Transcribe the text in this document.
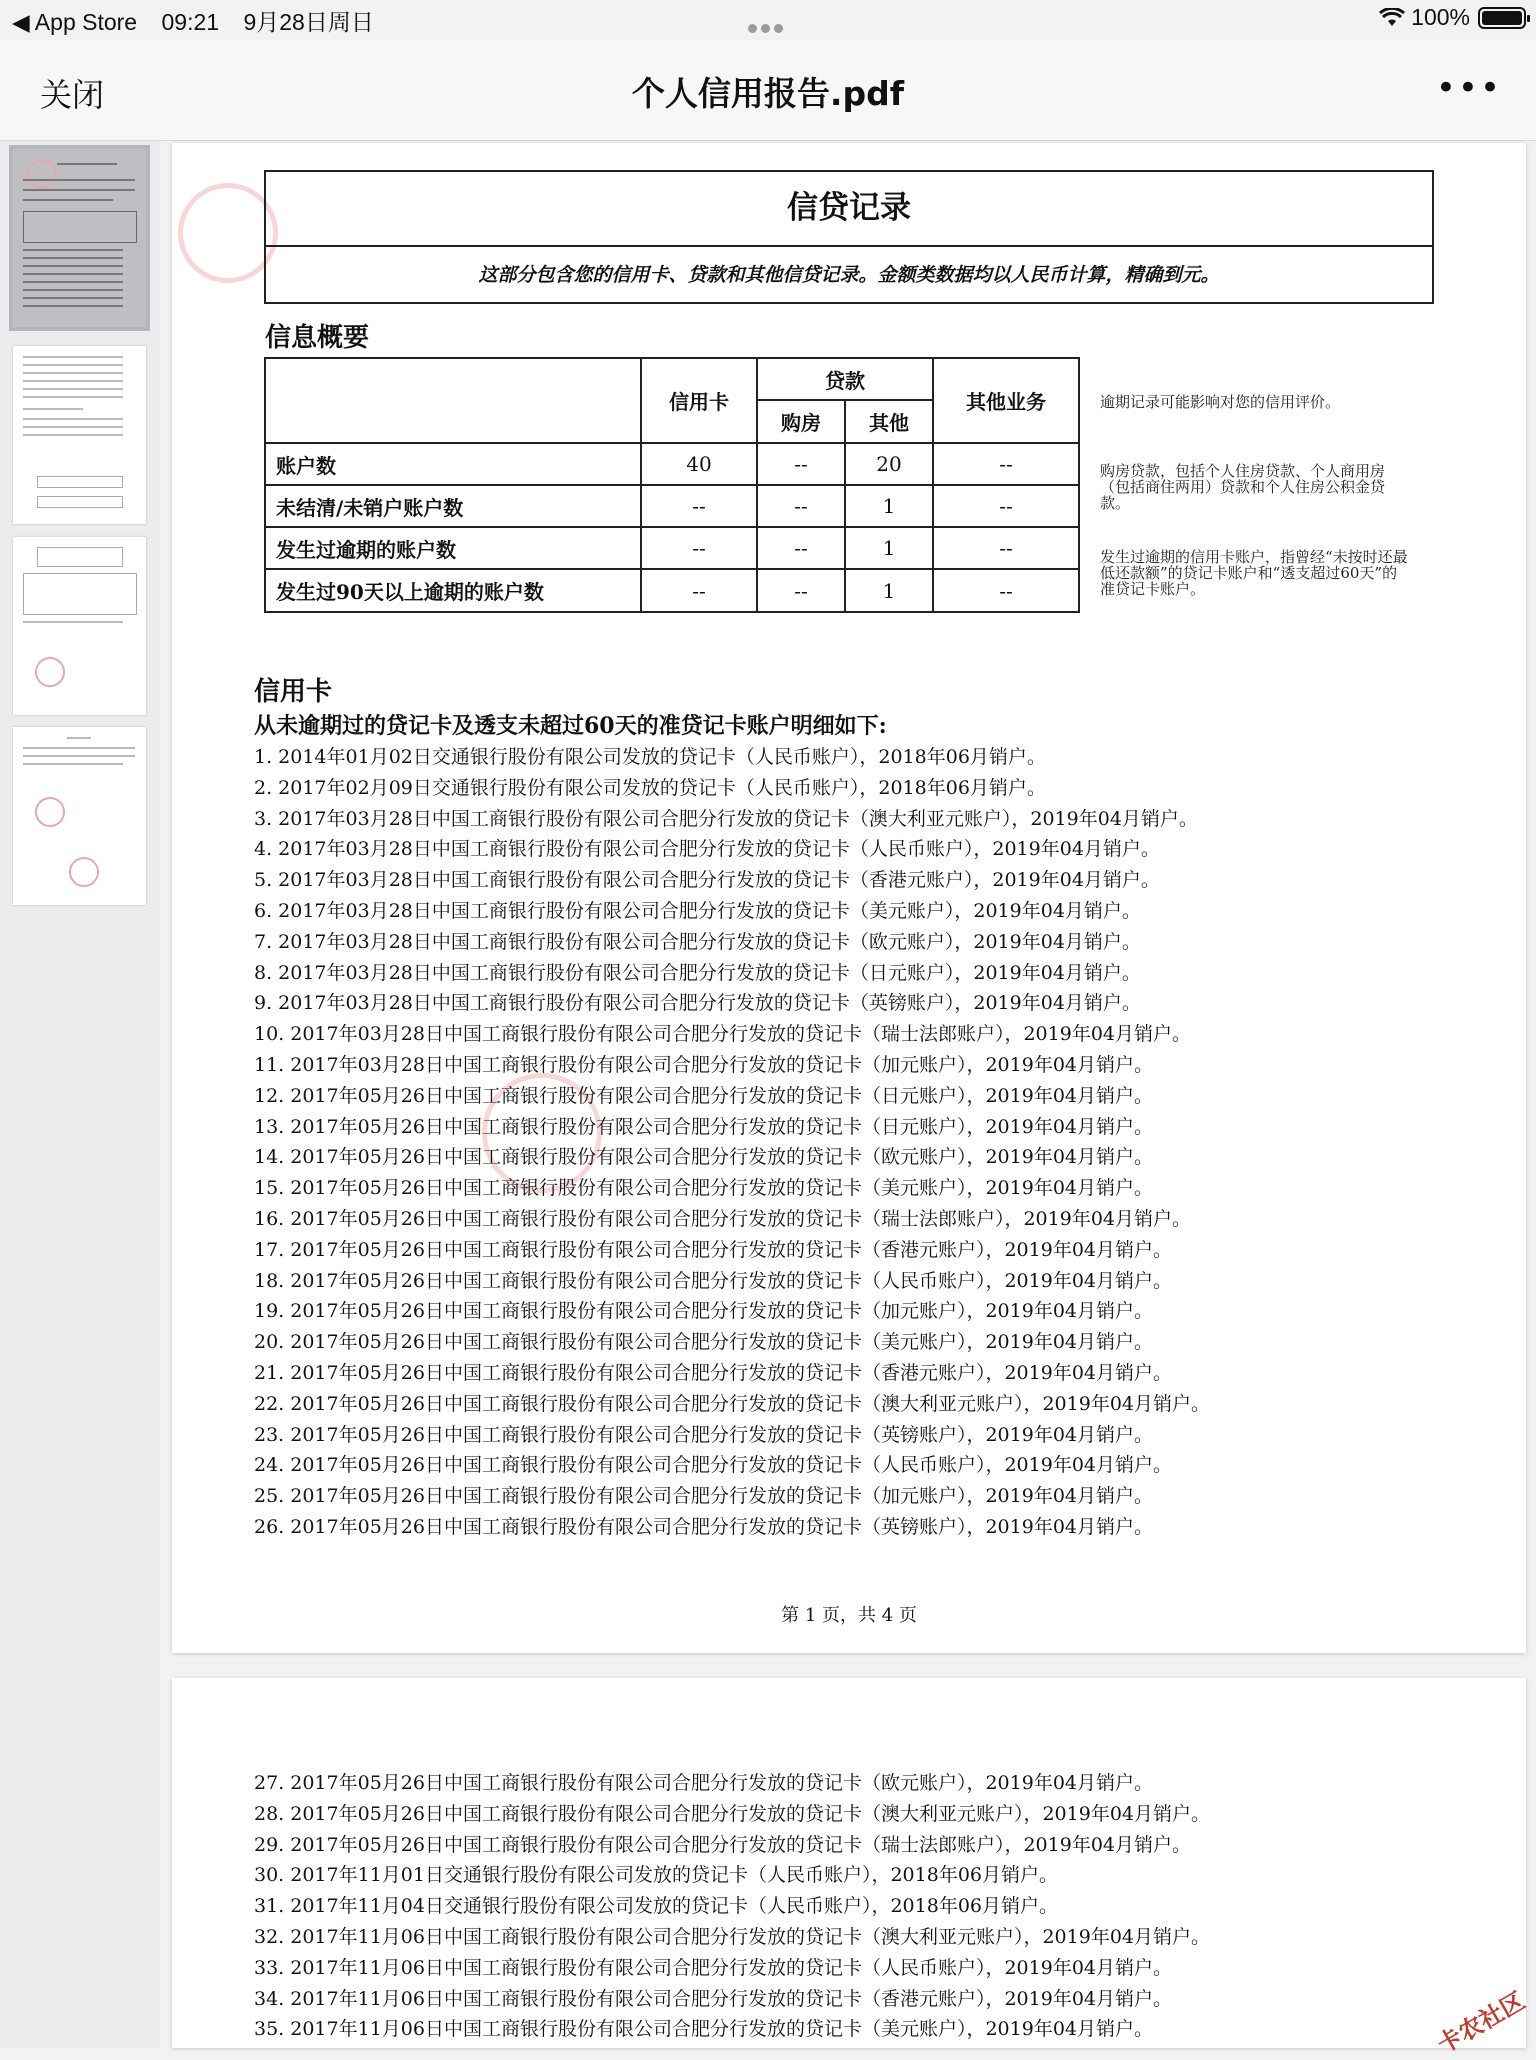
◀ App Store 09:21 9月28日周日	100%
关闭	个人信用报告.pdf	•••
信贷记录
这部分包含您的信用卡、贷款和其他信贷记录。金额类数据均以人民币计算，精确到元。
信息概要
	信用卡	贷款		其他业务
		购房	其他	
账户数	40	--	20	--
未结清/未销户账户数	--	--	1	--
发生过逾期的账户数	--	--	1	--
发生过90天以上逾期的账户数	--	--	1	--
逾期记录可能影响对您的信用评价。
购房贷款，包括个人住房贷款、个人商用房（包括商住两用）贷款和个人住房公积金贷款。
发生过逾期的信用卡账户，指曾经“未按时还最低还款额”的贷记卡账户和“透支超过60天”的准贷记卡账户。
信用卡
从未逾期过的贷记卡及透支未超过60天的准贷记卡账户明细如下:
1. 2014年01月02日交通银行股份有限公司发放的贷记卡（人民币账户），2018年06月销户。
2. 2017年02月09日交通银行股份有限公司发放的贷记卡（人民币账户），2018年06月销户。
3. 2017年03月28日中国工商银行股份有限公司合肥分行发放的贷记卡（澳大利亚元账户），2019年04月销户。
4. 2017年03月28日中国工商银行股份有限公司合肥分行发放的贷记卡（人民币账户），2019年04月销户。
5. 2017年03月28日中国工商银行股份有限公司合肥分行发放的贷记卡（香港元账户），2019年04月销户。
6. 2017年03月28日中国工商银行股份有限公司合肥分行发放的贷记卡（美元账户），2019年04月销户。
7. 2017年03月28日中国工商银行股份有限公司合肥分行发放的贷记卡（欧元账户），2019年04月销户。
8. 2017年03月28日中国工商银行股份有限公司合肥分行发放的贷记卡（日元账户），2019年04月销户。
9. 2017年03月28日中国工商银行股份有限公司合肥分行发放的贷记卡（英镑账户），2019年04月销户。
10. 2017年03月28日中国工商银行股份有限公司合肥分行发放的贷记卡（瑞士法郎账户），2019年04月销户。
11. 2017年03月28日中国工商银行股份有限公司合肥分行发放的贷记卡（加元账户），2019年04月销户。
12. 2017年05月26日中国工商银行股份有限公司合肥分行发放的贷记卡（日元账户），2019年04月销户。
13. 2017年05月26日中国工商银行股份有限公司合肥分行发放的贷记卡（日元账户），2019年04月销户。
14. 2017年05月26日中国工商银行股份有限公司合肥分行发放的贷记卡（欧元账户），2019年04月销户。
15. 2017年05月26日中国工商银行股份有限公司合肥分行发放的贷记卡（美元账户），2019年04月销户。
16. 2017年05月26日中国工商银行股份有限公司合肥分行发放的贷记卡（瑞士法郎账户），2019年04月销户。
17. 2017年05月26日中国工商银行股份有限公司合肥分行发放的贷记卡（香港元账户），2019年04月销户。
18. 2017年05月26日中国工商银行股份有限公司合肥分行发放的贷记卡（人民币账户），2019年04月销户。
19. 2017年05月26日中国工商银行股份有限公司合肥分行发放的贷记卡（加元账户），2019年04月销户。
20. 2017年05月26日中国工商银行股份有限公司合肥分行发放的贷记卡（美元账户），2019年04月销户。
21. 2017年05月26日中国工商银行股份有限公司合肥分行发放的贷记卡（香港元账户），2019年04月销户。
22. 2017年05月26日中国工商银行股份有限公司合肥分行发放的贷记卡（澳大利亚元账户），2019年04月销户。
23. 2017年05月26日中国工商银行股份有限公司合肥分行发放的贷记卡（英镑账户），2019年04月销户。
24. 2017年05月26日中国工商银行股份有限公司合肥分行发放的贷记卡（人民币账户），2019年04月销户。
25. 2017年05月26日中国工商银行股份有限公司合肥分行发放的贷记卡（加元账户），2019年04月销户。
26. 2017年05月26日中国工商银行股份有限公司合肥分行发放的贷记卡（英镑账户），2019年04月销户。
第 1 页，共 4 页
27. 2017年05月26日中国工商银行股份有限公司合肥分行发放的贷记卡（欧元账户），2019年04月销户。
28. 2017年05月26日中国工商银行股份有限公司合肥分行发放的贷记卡（澳大利亚元账户），2019年04月销户。
29. 2017年05月26日中国工商银行股份有限公司合肥分行发放的贷记卡（瑞士法郎账户），2019年04月销户。
30. 2017年11月01日交通银行股份有限公司发放的贷记卡（人民币账户），2018年06月销户。
31. 2017年11月04日交通银行股份有限公司发放的贷记卡（人民币账户），2018年06月销户。
32. 2017年11月06日中国工商银行股份有限公司合肥分行发放的贷记卡（澳大利亚元账户），2019年04月销户。
33. 2017年11月06日中国工商银行股份有限公司合肥分行发放的贷记卡（人民币账户），2019年04月销户。
34. 2017年11月06日中国工商银行股份有限公司合肥分行发放的贷记卡（香港元账户），2019年04月销户。
35. 2017年11月06日中国工商银行股份有限公司合肥分行发放的贷记卡（美元账户），2019年04月销户。	卡农社区
